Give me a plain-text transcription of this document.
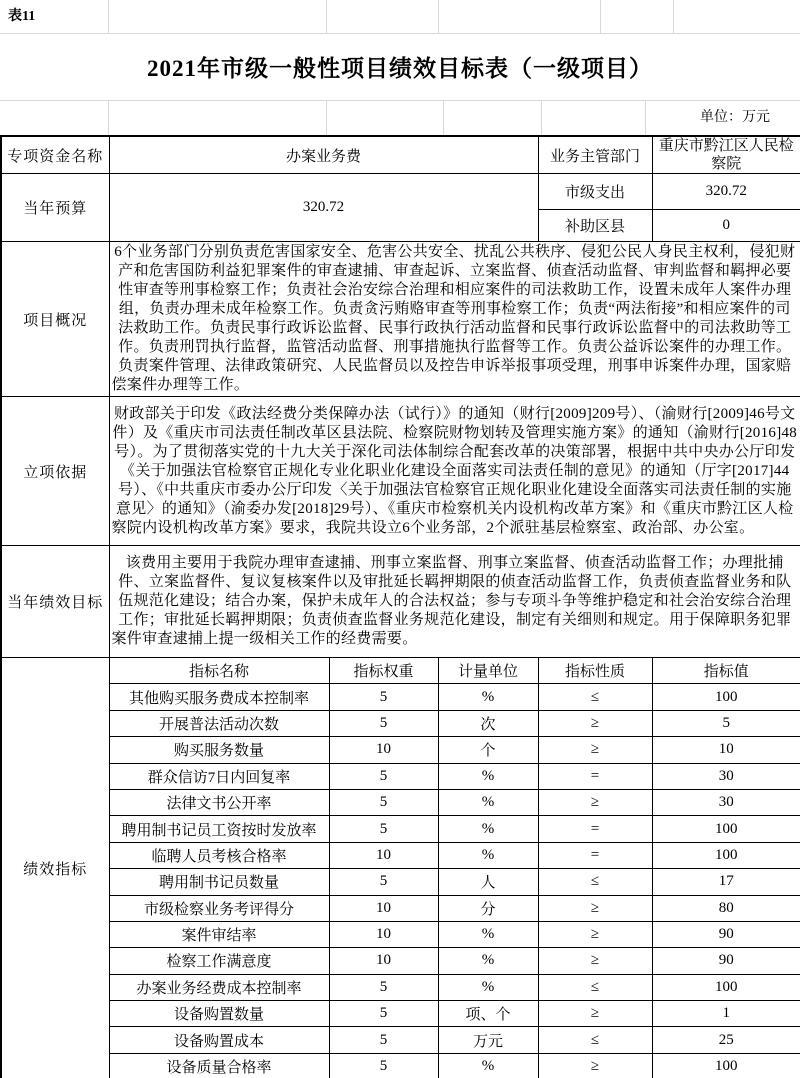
表11
2021年市级一般性项目绩效目标表（一级项目）
单位：万元
专项资金名称	办案业务费			业务主管部门	重庆市黔江区人民检察院
当年预算	320.72			市级支出	320.72
				补助区县	0
项目概况	6个业务部门分别负责危害国家安全、危害公共安全、扰乱公共秩序、侵犯公民人身民主权利，侵犯财产和危害国防利益犯罪案件的审查逮捕、审查起诉、立案监督、侦查活动监督、审判监督和羁押必要性审查等刑事检察工作；负责社会治安综合治理和相应案件的司法救助工作，设置未成年人案件办理组，负责办理未成年检察工作。负责贪污贿赂审查等刑事检察工作；负责“两法衔接”和相应案件的司法救助工作。负责民事行政诉讼监督、民事行政执行活动监督和民事行政诉讼监督中的司法救助等工作。负责刑罚执行监督，监管活动监督、刑事措施执行监督等工作。负责公益诉讼案件的办理工作。负责案件管理、法律政策研究、人民监督员以及控告申诉举报事项受理，刑事申诉案件办理，国家赔偿案件办理等工作。				
立项依据	财政部关于印发《政法经费分类保障办法（试行）》的通知（财行[2009]209号）、（渝财行[2009]46号文件）及《重庆市司法责任制改革区县法院、检察院财物划转及管理实施方案》的通知（渝财行[2016]48号）。为了贯彻落实党的十九大关于深化司法体制综合配套改革的决策部署，根据中共中央办公厅印发《关于加强法官检察官正规化专业化职业化建设全面落实司法责任制的意见》的通知（厅字[2017]44号）、《中共重庆市委办公厅印发〈关于加强法官检察官正规化职业化建设全面落实司法责任制的实施意见〉的通知》（渝委办发[2018]29号）、《重庆市检察机关内设机构改革方案》和《重庆市黔江区人检察院内设机构改革方案》要求，我院共设立6个业务部，2个派驻基层检察室、政治部、办公室。				
当年绩效目标	该费用主要用于我院办理审查逮捕、刑事立案监督、刑事立案监督、侦查活动监督工作；办理批捕件、立案监督件、复议复核案件以及审批延长羁押期限的侦查活动监督工作，负责侦查监督业务和队伍规范化建设；结合办案，保护未成年人的合法权益；参与专项斗争等维护稳定和社会治安综合治理工作；审批延长羁押期限；负责侦查监督业务规范化建设，制定有关细则和规定。用于保障职务犯罪案件审查逮捕上提一级相关工作的经费需要。				
绩效指标	指标名称	指标权重	计量单位	指标性质	指标值
	其他购买服务费成本控制率	5	%	≤	100
	开展普法活动次数	5	次	≥	5
	购买服务数量	10	个	≥	10
	群众信访7日内回复率	5	%	=	30
	法律文书公开率	5	%	≥	30
	聘用制书记员工资按时发放率	5	%	=	100
	临聘人员考核合格率	10	%	=	100
	聘用制书记员数量	5	人	≤	17
	市级检察业务考评得分	10	分	≥	80
	案件审结率	10	%	≥	90
	检察工作满意度	10	%	≥	90
	办案业务经费成本控制率	5	%	≤	100
	设备购置数量	5	项、个	≥	1
	设备购置成本	5	万元	≤	25
	设备质量合格率	5	%	≥	100
